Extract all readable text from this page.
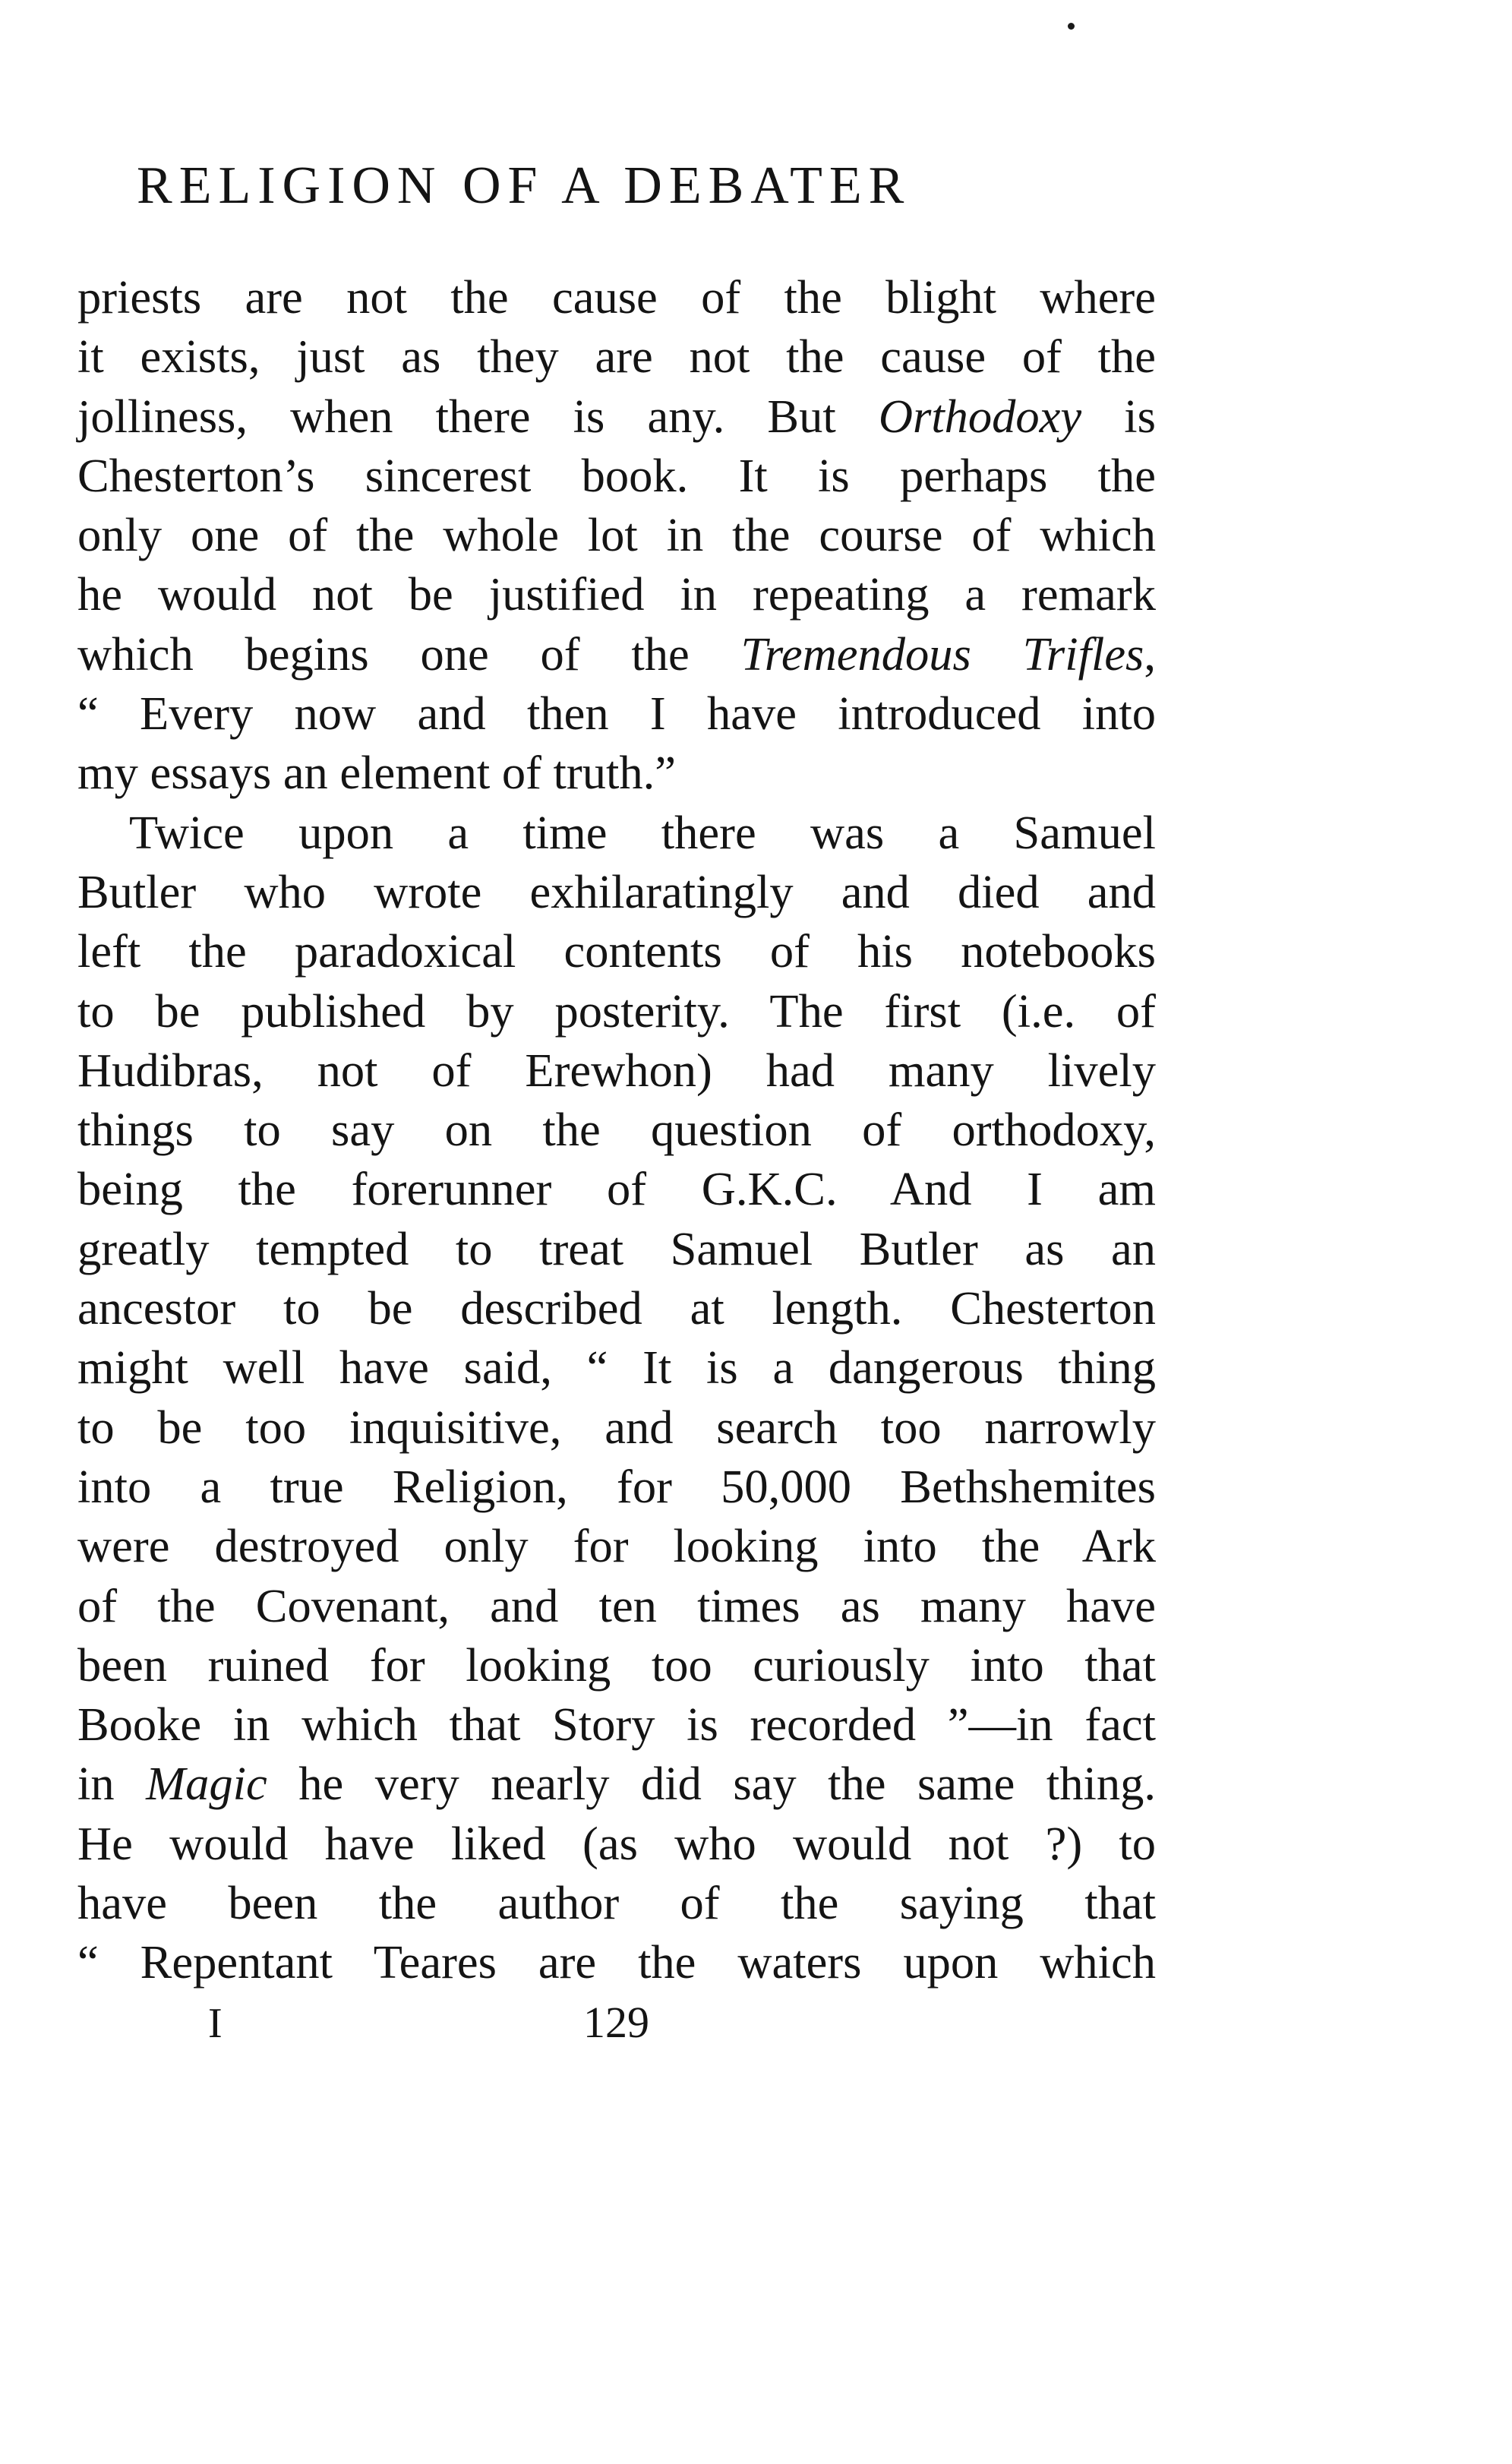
RELIGION OF A DEBATER
priests are not the cause of the blight where
it exists, just as they are not the cause of the
jolliness, when there is any. But Orthodoxy is
Chesterton’s sincerest book. It is perhaps the
only one of the whole lot in the course of which
he would not be justified in repeating a remark
which begins one of the Tremendous Trifles,
“ Every now and then I have introduced into
my essays an element of truth.”
Twice upon a time there was a Samuel
Butler who wrote exhilaratingly and died and
left the paradoxical contents of his notebooks
to be published by posterity. The first (i.e. of
Hudibras, not of Erewhon) had many lively
things to say on the question of orthodoxy,
being the forerunner of G.K.C. And I am
greatly tempted to treat Samuel Butler as an
ancestor to be described at length. Chesterton
might well have said, “ It is a dangerous thing
to be too inquisitive, and search too narrowly
into a true Religion, for 50,000 Bethshemites
were destroyed only for looking into the Ark
of the Covenant, and ten times as many have
been ruined for looking too curiously into that
Booke in which that Story is recorded ”—in fact
in Magic he very nearly did say the same thing.
He would have liked (as who would not ?) to
have been the author of the saying that
“ Repentant Teares are the waters upon which
I	129
